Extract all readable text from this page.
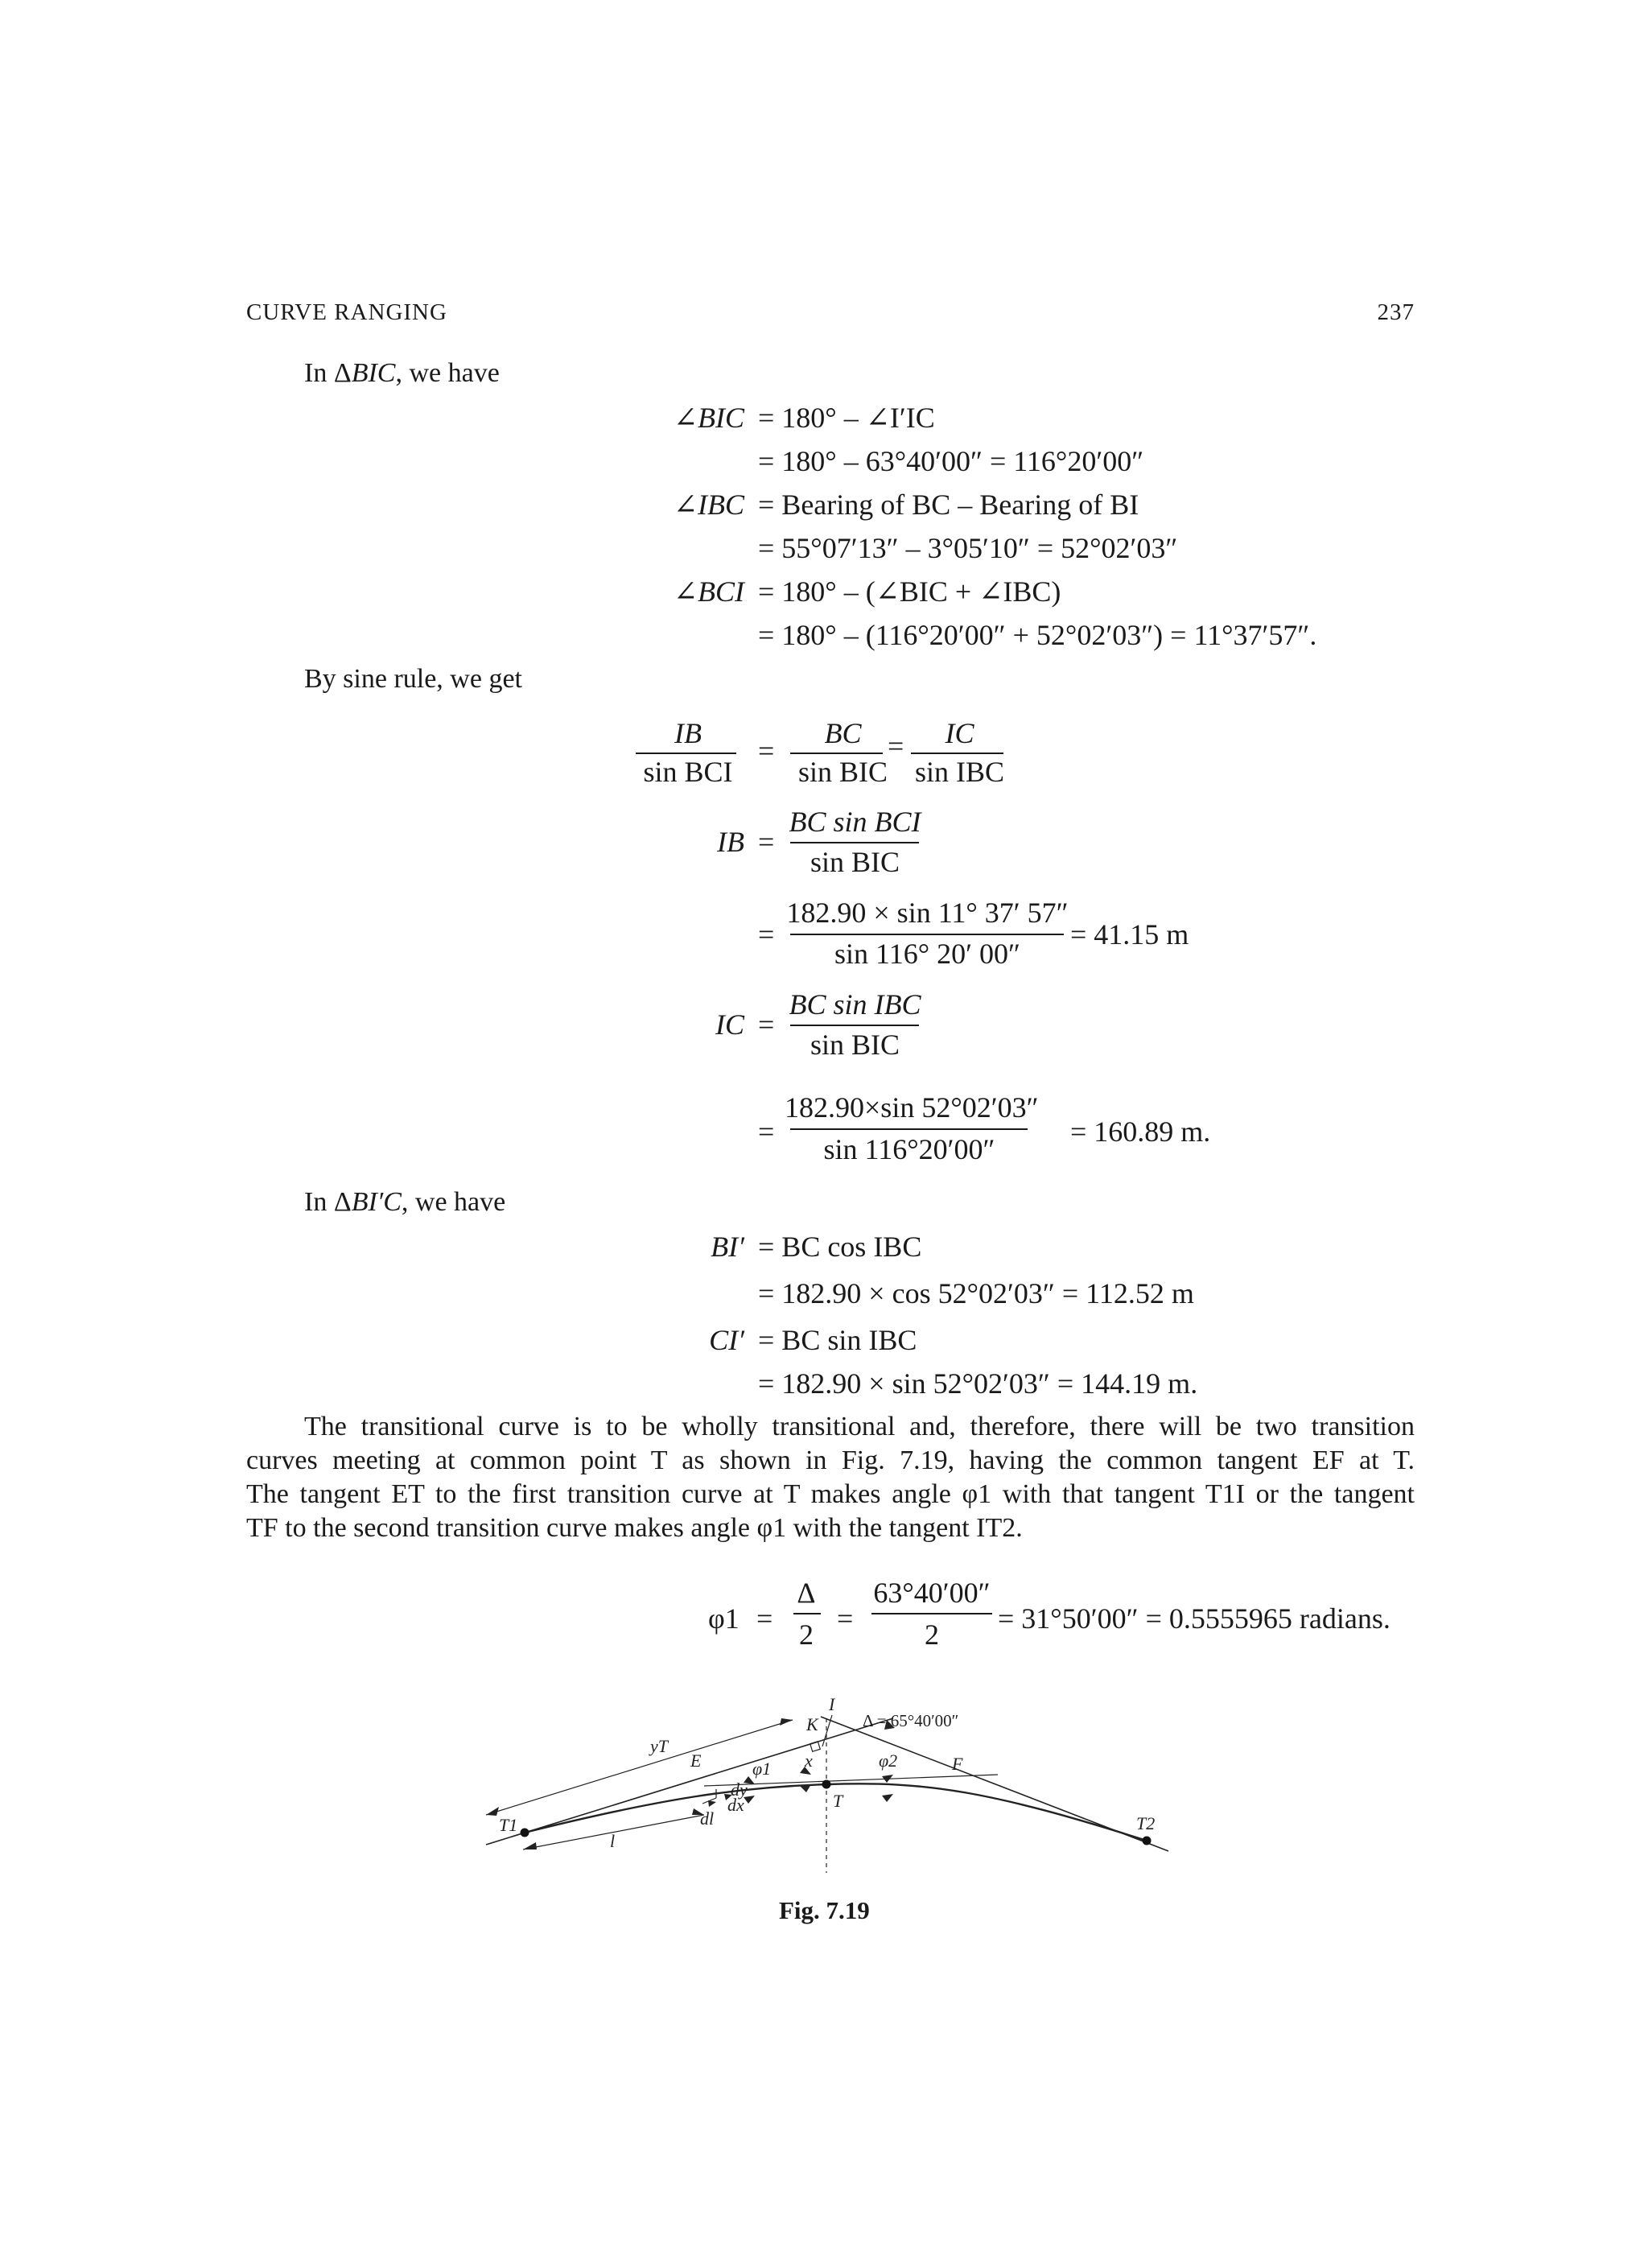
CURVE RANGING	237
In ΔBIC, we have
∠BIC = 180° – ∠I′IC
= 180° – 63°40′00″ = 116°20′00″
∠IBC = Bearing of BC – Bearing of BI
= 55°07′13″ – 3°05′10″ = 52°02′03″
∠BCI = 180° – (∠BIC + ∠IBC)
= 180° – (116°20′00″ + 52°02′03″) = 11°37′57″.
By sine rule, we get
IB
sin BCI
=
BC
sin BIC
=	IC
sin IBC
IB =
BC sin BCI
sin BIC
=
182.90 × sin 11° 37′ 57″
sin 116° 20′ 00″
= 41.15 m
IC =
BC sin IBC
sin BIC
=
182.90×sin 52°02′03″
sin 116°20′00″
= 160.89 m.
In ΔBI′C, we have
BI′ = BC cos IBC
= 182.90 × cos 52°02′03″ = 112.52 m
CI′ = BC sin IBC
= 182.90 × sin 52°02′03″ = 144.19 m.
The transitional curve is to be wholly transitional and, therefore, there will be two transition
curves meeting at common point T as shown in Fig. 7.19, having the common tangent EF at T.
The tangent ET to the first transition curve at T makes angle φ1 with that tangent T1I or the tangent
TF to the second transition curve makes angle φ1 with the tangent IT2.
φ1 =
Δ
2 =
63°40′00″
2	= 31°50′00″ = 0.5555965 radians.
T1	T2
I
K
E	F
T
yT
l
dl
dx
dy
φ1	φ2
x
Δ = 65°40′00″
Fig. 7.19
